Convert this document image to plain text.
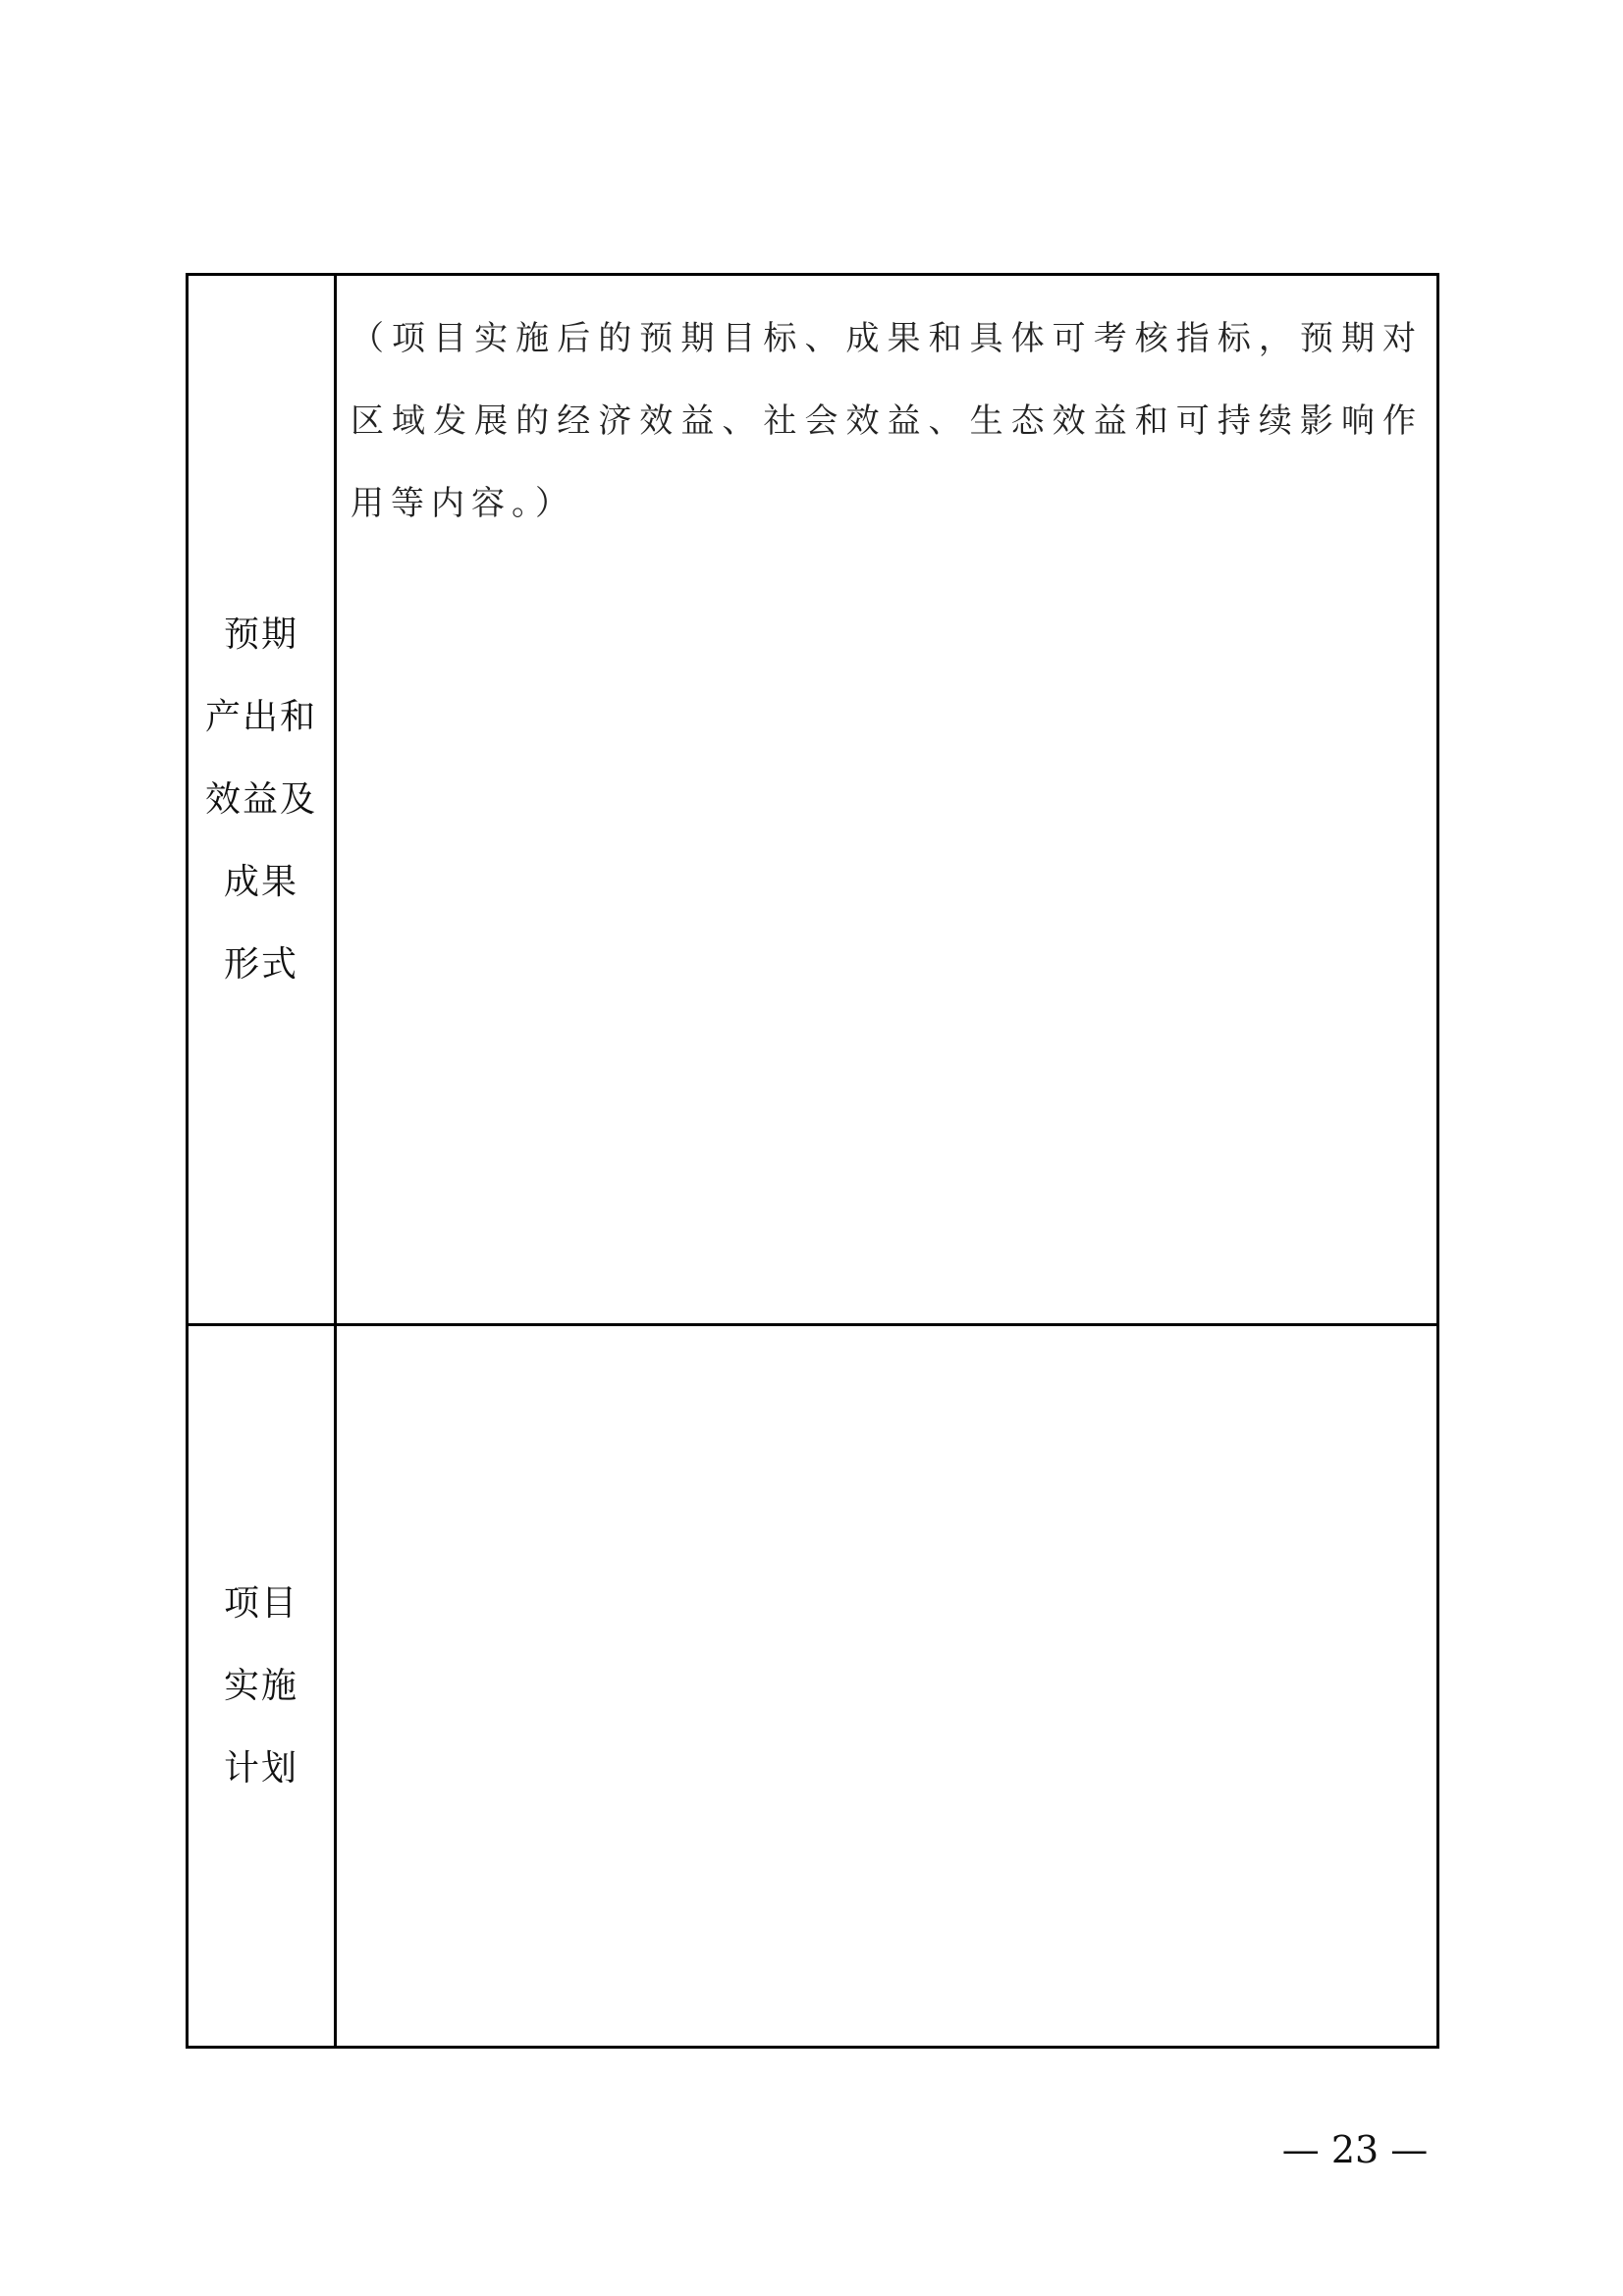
预期
产出和
效益及
成果
形式	（项目实施后的预期目标、成果和具体可考核指标，预期对区域发展的经济效益、社会效益、生态效益和可持续影响作用等内容。）

项目
实施
计划	

— 23 —
